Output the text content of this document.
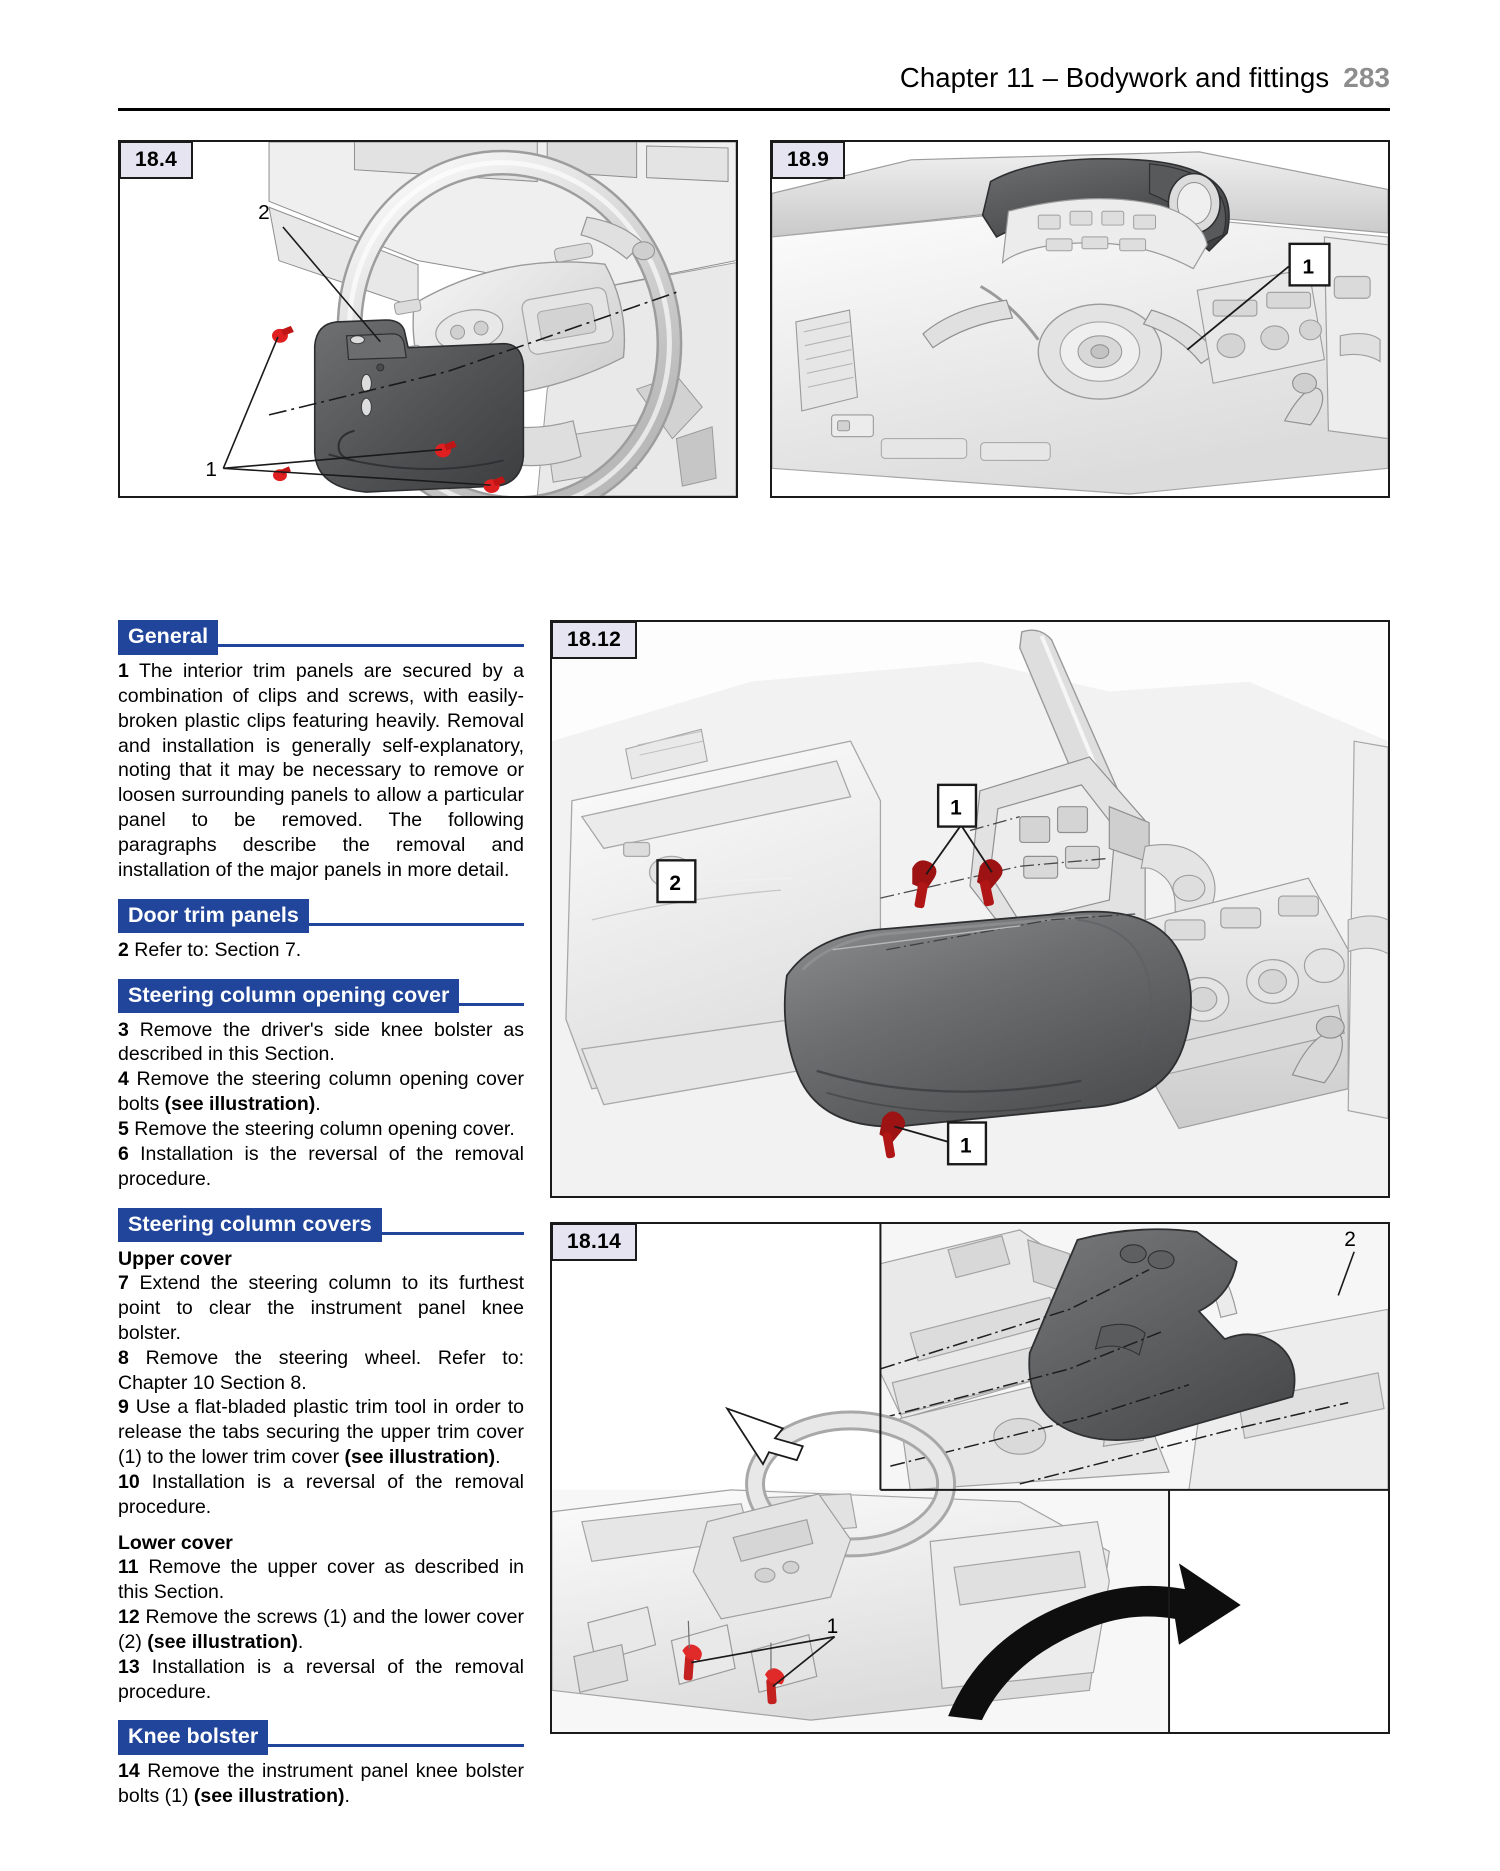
Chapter 11 – Bodywork and fittings 283
18.4
2
1
18.9
1
18.12
1
2
1
18.14	2
1
General

1 The interior trim panels are secured by a combination of clips and screws, with easily-broken plastic clips featuring heavily. Removal and installation is generally self-explanatory, noting that it may be necessary to remove or loosen surrounding panels to allow a particular panel to be removed. The following paragraphs describe the removal and installation of the major panels in more detail.

Door trim panels

2 Refer to: Section 7.

Steering column opening cover

3 Remove the driver's side knee bolster as described in this Section.

4 Remove the steering column opening cover bolts (see illustration).

5 Remove the steering column opening cover.

6 Installation is the reversal of the removal procedure.

Steering column covers
Upper cover

7 Extend the steering column to its furthest point to clear the instrument panel knee bolster.

8 Remove the steering wheel. Refer to: Chapter 10 Section 8.

9 Use a flat-bladed plastic trim tool in order to release the tabs securing the upper trim cover (1) to the lower trim cover (see illustration).

10 Installation is a reversal of the removal procedure.

Lower cover

11 Remove the upper cover as described in this Section.

12 Remove the screws (1) and the lower cover (2) (see illustration).

13 Installation is a reversal of the removal procedure.

Knee bolster

14 Remove the instrument panel knee bolster bolts (1) (see illustration).
